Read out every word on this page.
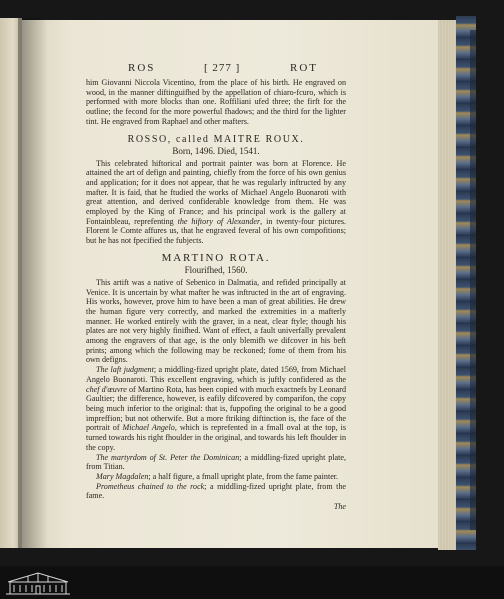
ROS	[ 277 ]	ROT

him Giovanni Niccola Vicentino, from the place of his birth. He engraved on wood, in the manner diftinguifhed by the appellation of chiaro-fcuro, which is performed with more blocks than one. Roffiliani ufed three; the firft for the outline; the fecond for the more powerful fhadows; and the third for the lighter tint. He engraved from Raphael and other mafters.

ROSSO, called MAITRE ROUX.
Born, 1496. Died, 1541.

This celebrated hiftorical and portrait painter was born at Florence. He attained the art of defign and painting, chiefly from the force of his own genius and application; for it does not appear, that he was regularly inftructed by any mafter. It is faid, that he ftudied the works of Michael Angelo Buonaroti with great attention, and derived confiderable knowledge from them. He was employed by the King of France; and his principal work is the gallery at Fontainbleau, reprefenting the hiftory of Alexander, in twenty-four pictures. Florent le Comte affures us, that he engraved feveral of his own compofitions; but he has not fpecified the fubjects.

MARTINO ROTA.
Flourifhed, 1560.

This artift was a native of Sebenico in Dalmatia, and refided principally at Venice. It is uncertain by what mafter he was inftructed in the art of engraving. His works, however, prove him to have been a man of great abilities. He drew the human figure very correctly, and marked the extremities in a mafterly manner. He worked entirely with the graver, in a neat, clear ftyle; though his plates are not very highly finifhed. Want of effect, a fault univerfally prevalent among the engravers of that age, is the only blemifh we difcover in his beft prints; among which the following may be reckoned; fome of them from his own defigns.

The laft judgment; a middling-fized upright plate, dated 1569, from Michael Angelo Buonaroti. This excellent engraving, which is juftly confidered as the chef d'œuvre of Martino Rota, has been copied with much exactnefs by Leonard Gaultier; the difference, however, is eafily difcovered by comparifon, the copy being much inferior to the original: that is, fuppofing the original to be a good impreffion; but not otherwife. But a more ftriking diftinction is, the face of the portrait of Michael Angelo, which is reprefented in a fmall oval at the top, is turned towards his right fhoulder in the original, and towards his left fhoulder in the copy.

The martyrdom of St. Peter the Dominican; a middling-fized upright plate, from Titian.

Mary Magdalen; a half figure, a fmall upright plate, from the fame painter.

Prometheus chained to the rock; a middling-fized upright plate, from the fame.

The
